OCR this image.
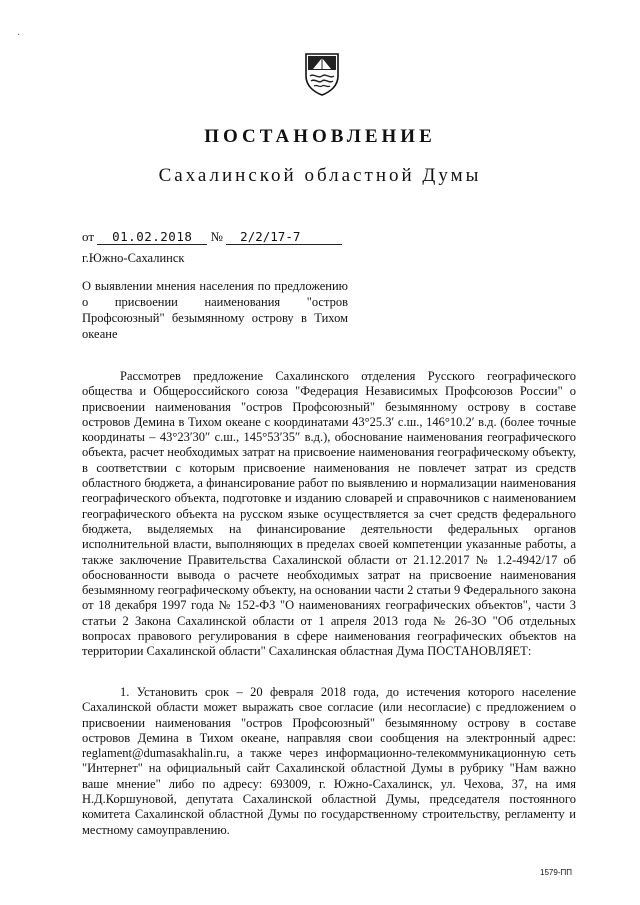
·
ПОСТАНОВЛЕНИЕ
Сахалинской областной Думы
от 01.02.2018 № 2/2/17-7
г.Южно-Сахалинск
О выявлении мнения населения по предложению о присвоении наименования "остров Профсоюзный" безымянному острову в Тихом океане

Рассмотрев предложение Сахалинского отделения Русского географического общества и Общероссийского союза "Федерация Независимых Профсоюзов России" о присвоении наименования "остров Профсоюзный" безымянному острову в составе островов Демина в Тихом океане с координатами 43°25.3′ с.ш., 146°10.2′ в.д. (более точные координаты – 43°23′30″ с.ш., 145°53′35″ в.д.), обоснование наименования географического объекта, расчет необходимых затрат на присвоение наименования географическому объекту, в соответствии с которым присвоение наименования не повлечет затрат из средств областного бюджета, а финансирование работ по выявлению и нормализации наименования географического объекта, подготовке и изданию словарей и справочников с наименованием географического объекта на русском языке осуществляется за счет средств федерального бюджета, выделяемых на финансирование деятельности федеральных органов исполнительной власти, выполняющих в пределах своей компетенции указанные работы, а также заключение Правительства Сахалинской области от 21.12.2017 № 1.2-4942/17 об обоснованности вывода о расчете необходимых затрат на присвоение наименования безымянному географическому объекту, на основании части 2 статьи 9 Федерального закона от 18 декабря 1997 года № 152-ФЗ "О наименованиях географических объектов", части 3 статьи 2 Закона Сахалинской области от 1 апреля 2013 года № 26-ЗО "Об отдельных вопросах правового регулирования в сфере наименования географических объектов на территории Сахалинской области" Сахалинская областная Дума ПОСТАНОВЛЯЕТ:

1. Установить срок – 20 февраля 2018 года, до истечения которого население Сахалинской области может выражать свое согласие (или несогласие) с предложением о присвоении наименования "остров Профсоюзный" безымянному острову в составе островов Демина в Тихом океане, направляя свои сообщения на электронный адрес: reglament@dumasakhalin.ru, а также через информационно-телекоммуникационную сеть "Интернет" на официальный сайт Сахалинской областной Думы в рубрику "Нам важно ваше мнение" либо по адресу: 693009, г. Южно-Сахалинск, ул. Чехова, 37, на имя Н.Д.Коршуновой, депутата Сахалинской областной Думы, председателя постоянного комитета Сахалинской областной Думы по государственному строительству, регламенту и местному самоуправлению.

1579-ПП
